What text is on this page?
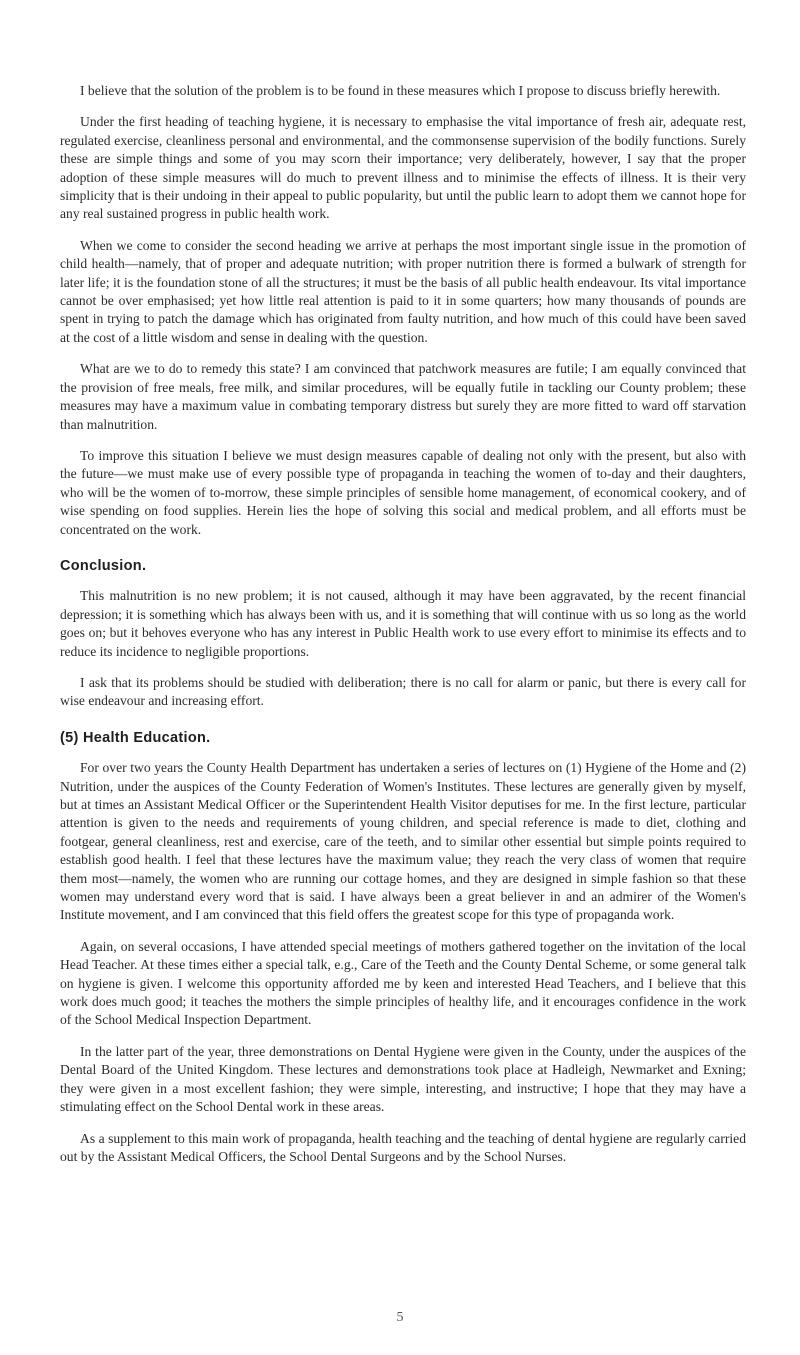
I believe that the solution of the problem is to be found in these measures which I propose to discuss briefly herewith.

Under the first heading of teaching hygiene, it is necessary to emphasise the vital importance of fresh air, adequate rest, regulated exercise, cleanliness personal and environmental, and the commonsense supervision of the bodily functions. Surely these are simple things and some of you may scorn their importance; very deliberately, however, I say that the proper adoption of these simple measures will do much to prevent illness and to minimise the effects of illness. It is their very simplicity that is their undoing in their appeal to public popularity, but until the public learn to adopt them we cannot hope for any real sustained progress in public health work.

When we come to consider the second heading we arrive at perhaps the most important single issue in the promotion of child health—namely, that of proper and adequate nutrition; with proper nutrition there is formed a bulwark of strength for later life; it is the foundation stone of all the structures; it must be the basis of all public health endeavour. Its vital importance cannot be over emphasised; yet how little real attention is paid to it in some quarters; how many thousands of pounds are spent in trying to patch the damage which has originated from faulty nutrition, and how much of this could have been saved at the cost of a little wisdom and sense in dealing with the question.

What are we to do to remedy this state? I am convinced that patchwork measures are futile; I am equally convinced that the provision of free meals, free milk, and similar procedures, will be equally futile in tackling our County problem; these measures may have a maximum value in combating temporary distress but surely they are more fitted to ward off starvation than malnutrition.

To improve this situation I believe we must design measures capable of dealing not only with the present, but also with the future—we must make use of every possible type of propaganda in teaching the women of to-day and their daughters, who will be the women of to-morrow, these simple principles of sensible home management, of economical cookery, and of wise spending on food supplies. Herein lies the hope of solving this social and medical problem, and all efforts must be concentrated on the work.

Conclusion.

This malnutrition is no new problem; it is not caused, although it may have been aggravated, by the recent financial depression; it is something which has always been with us, and it is something that will continue with us so long as the world goes on; but it behoves everyone who has any interest in Public Health work to use every effort to minimise its effects and to reduce its incidence to negligible proportions.

I ask that its problems should be studied with deliberation; there is no call for alarm or panic, but there is every call for wise endeavour and increasing effort.

(5) Health Education.

For over two years the County Health Department has undertaken a series of lectures on (1) Hygiene of the Home and (2) Nutrition, under the auspices of the County Federation of Women's Institutes. These lectures are generally given by myself, but at times an Assistant Medical Officer or the Superintendent Health Visitor deputises for me. In the first lecture, particular attention is given to the needs and requirements of young children, and special reference is made to diet, clothing and footgear, general cleanliness, rest and exercise, care of the teeth, and to similar other essential but simple points required to establish good health. I feel that these lectures have the maximum value; they reach the very class of women that require them most—namely, the women who are running our cottage homes, and they are designed in simple fashion so that these women may understand every word that is said. I have always been a great believer in and an admirer of the Women's Institute movement, and I am convinced that this field offers the greatest scope for this type of propaganda work.

Again, on several occasions, I have attended special meetings of mothers gathered together on the invitation of the local Head Teacher. At these times either a special talk, e.g., Care of the Teeth and the County Dental Scheme, or some general talk on hygiene is given. I welcome this opportunity afforded me by keen and interested Head Teachers, and I believe that this work does much good; it teaches the mothers the simple principles of healthy life, and it encourages confidence in the work of the School Medical Inspection Department.

In the latter part of the year, three demonstrations on Dental Hygiene were given in the County, under the auspices of the Dental Board of the United Kingdom. These lectures and demonstrations took place at Hadleigh, Newmarket and Exning; they were given in a most excellent fashion; they were simple, interesting, and instructive; I hope that they may have a stimulating effect on the School Dental work in these areas.

As a supplement to this main work of propaganda, health teaching and the teaching of dental hygiene are regularly carried out by the Assistant Medical Officers, the School Dental Surgeons and by the School Nurses.

5
